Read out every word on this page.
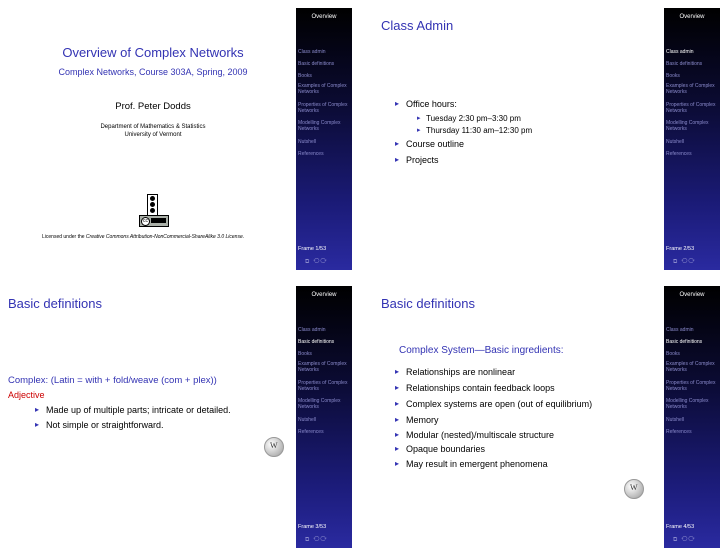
Overview of Complex Networks
Complex Networks, Course 303A, Spring, 2009
Prof. Peter Dodds
Department of Mathematics & Statistics
University of Vermont
cc
Licensed under the Creative Commons Attribution-NonCommercial-ShareAlike 3.0 License.
Overview
Class admin
Basic definitions
Books
Examples of Complex Networks
Properties of Complex Networks
Modelling Complex Networks
Nutshell
References
Frame 1/53
⧉ ⟲⟳
Class Admin
▸ Office hours:
▸ Tuesday 2:30 pm–3:30 pm
▸ Thursday 11:30 am–12:30 pm
▸ Course outline
▸ Projects
Overview
Class admin
Basic definitions
Books
Examples of Complex Networks
Properties of Complex Networks
Modelling Complex Networks
Nutshell
References
Frame 2/53
⧉ ⟲⟳
Basic definitions
Complex: (Latin = with + fold/weave (com + plex))
Adjective
▸ Made up of multiple parts; intricate or detailed.
▸ Not simple or straightforward.
W
Overview
Class admin
Basic definitions
Books
Examples of Complex Networks
Properties of Complex Networks
Modelling Complex Networks
Nutshell
References
Frame 3/53
⧉ ⟲⟳
Basic definitions
Complex System—Basic ingredients:
▸ Relationships are nonlinear
▸ Relationships contain feedback loops
▸ Complex systems are open (out of equilibrium)
▸ Memory
▸ Modular (nested)/multiscale structure
▸ Opaque boundaries
▸ May result in emergent phenomena
W
Overview
Class admin
Basic definitions
Books
Examples of Complex Networks
Properties of Complex Networks
Modelling Complex Networks
Nutshell
References
Frame 4/53
⧉ ⟲⟳
